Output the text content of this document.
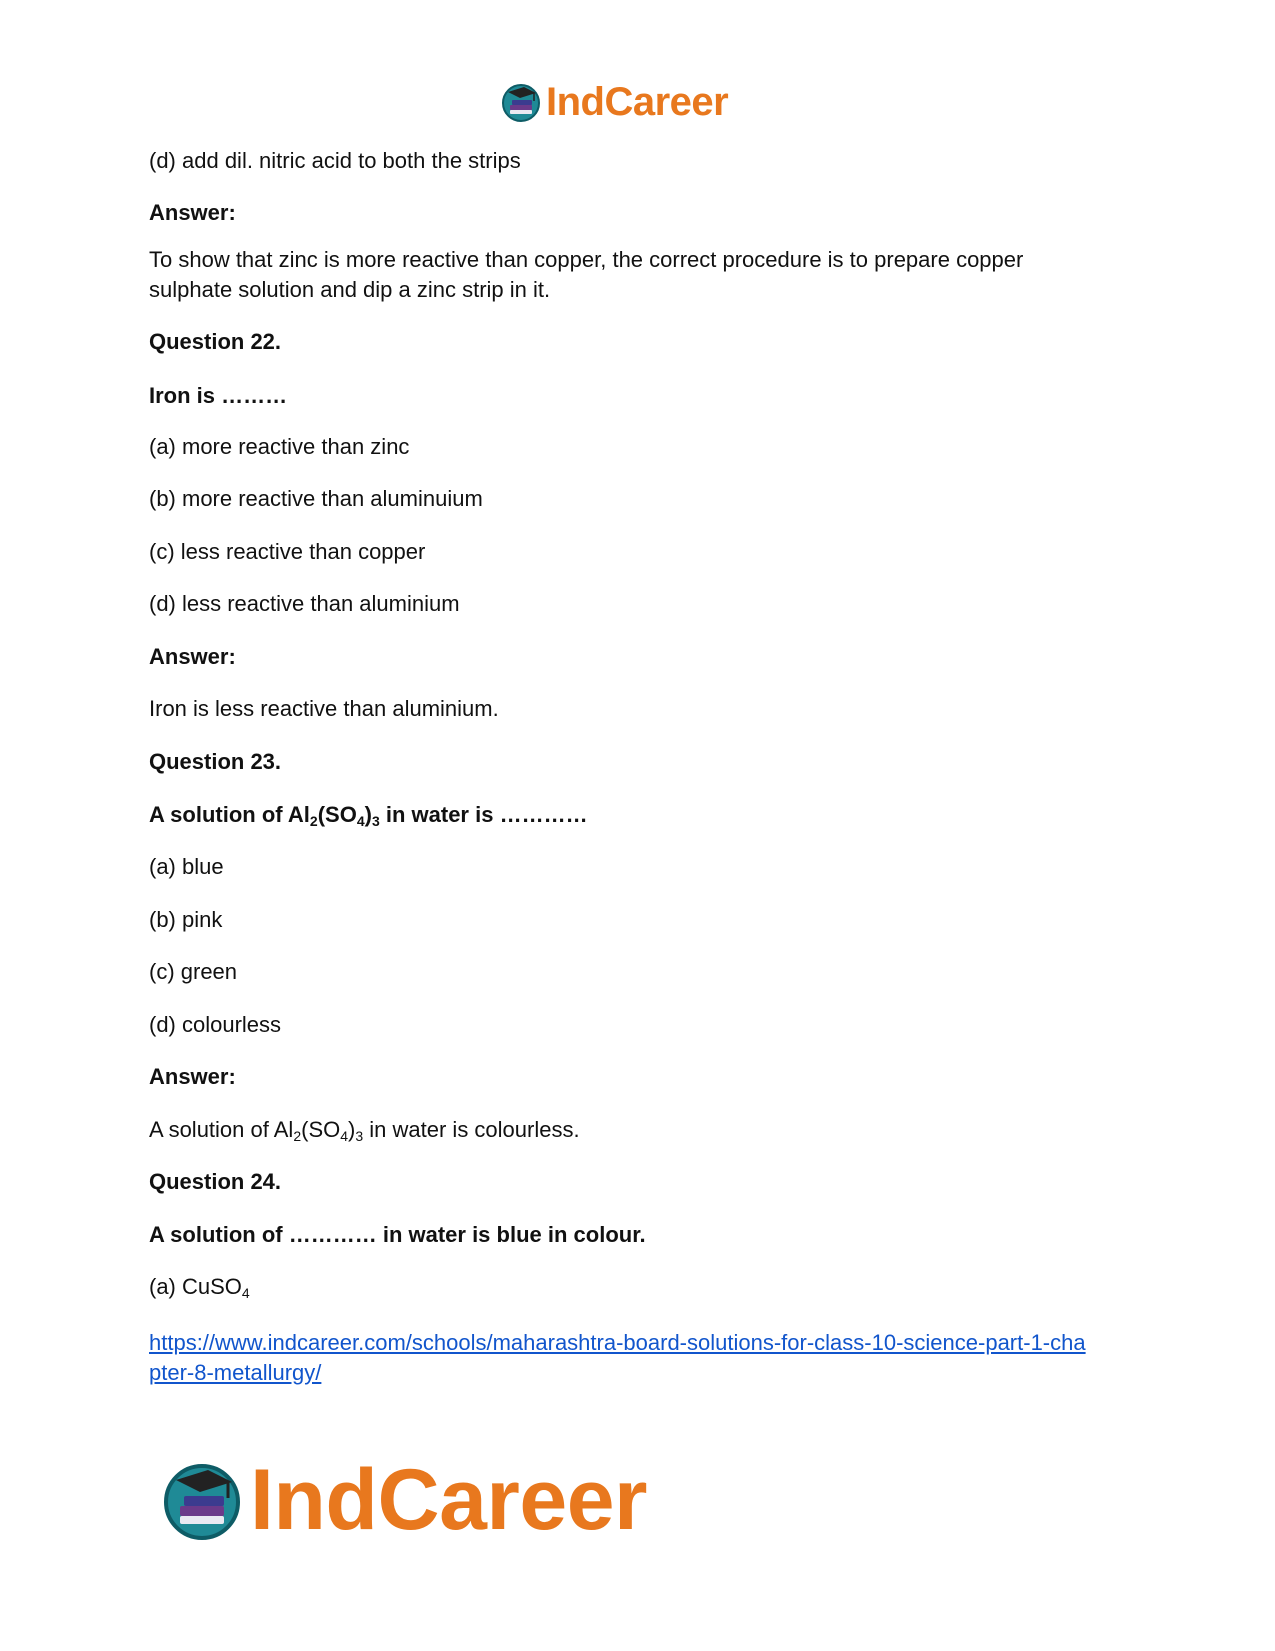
IndCareer
(d) add dil. nitric acid to both the strips
Answer:
To show that zinc is more reactive than copper, the correct procedure is to prepare copper sulphate solution and dip a zinc strip in it.
Question 22.
Iron is ………
(a) more reactive than zinc
(b) more reactive than aluminuium
(c) less reactive than copper
(d) less reactive than aluminium
Answer:
Iron is less reactive than aluminium.
Question 23.
A solution of $Al_2(SO_4)_3$ in water is …………
(a) blue
(b) pink
(c) green
(d) colourless
Answer:
A solution of $Al_2(SO_4)_3$ in water is colourless.
Question 24.
A solution of ………… in water is blue in colour.
(a) CuSO$_4$
https://www.indcareer.com/schools/maharashtra-board-solutions-for-class-10-science-part-1-cha
pter-8-metallurgy/
IndCareer
